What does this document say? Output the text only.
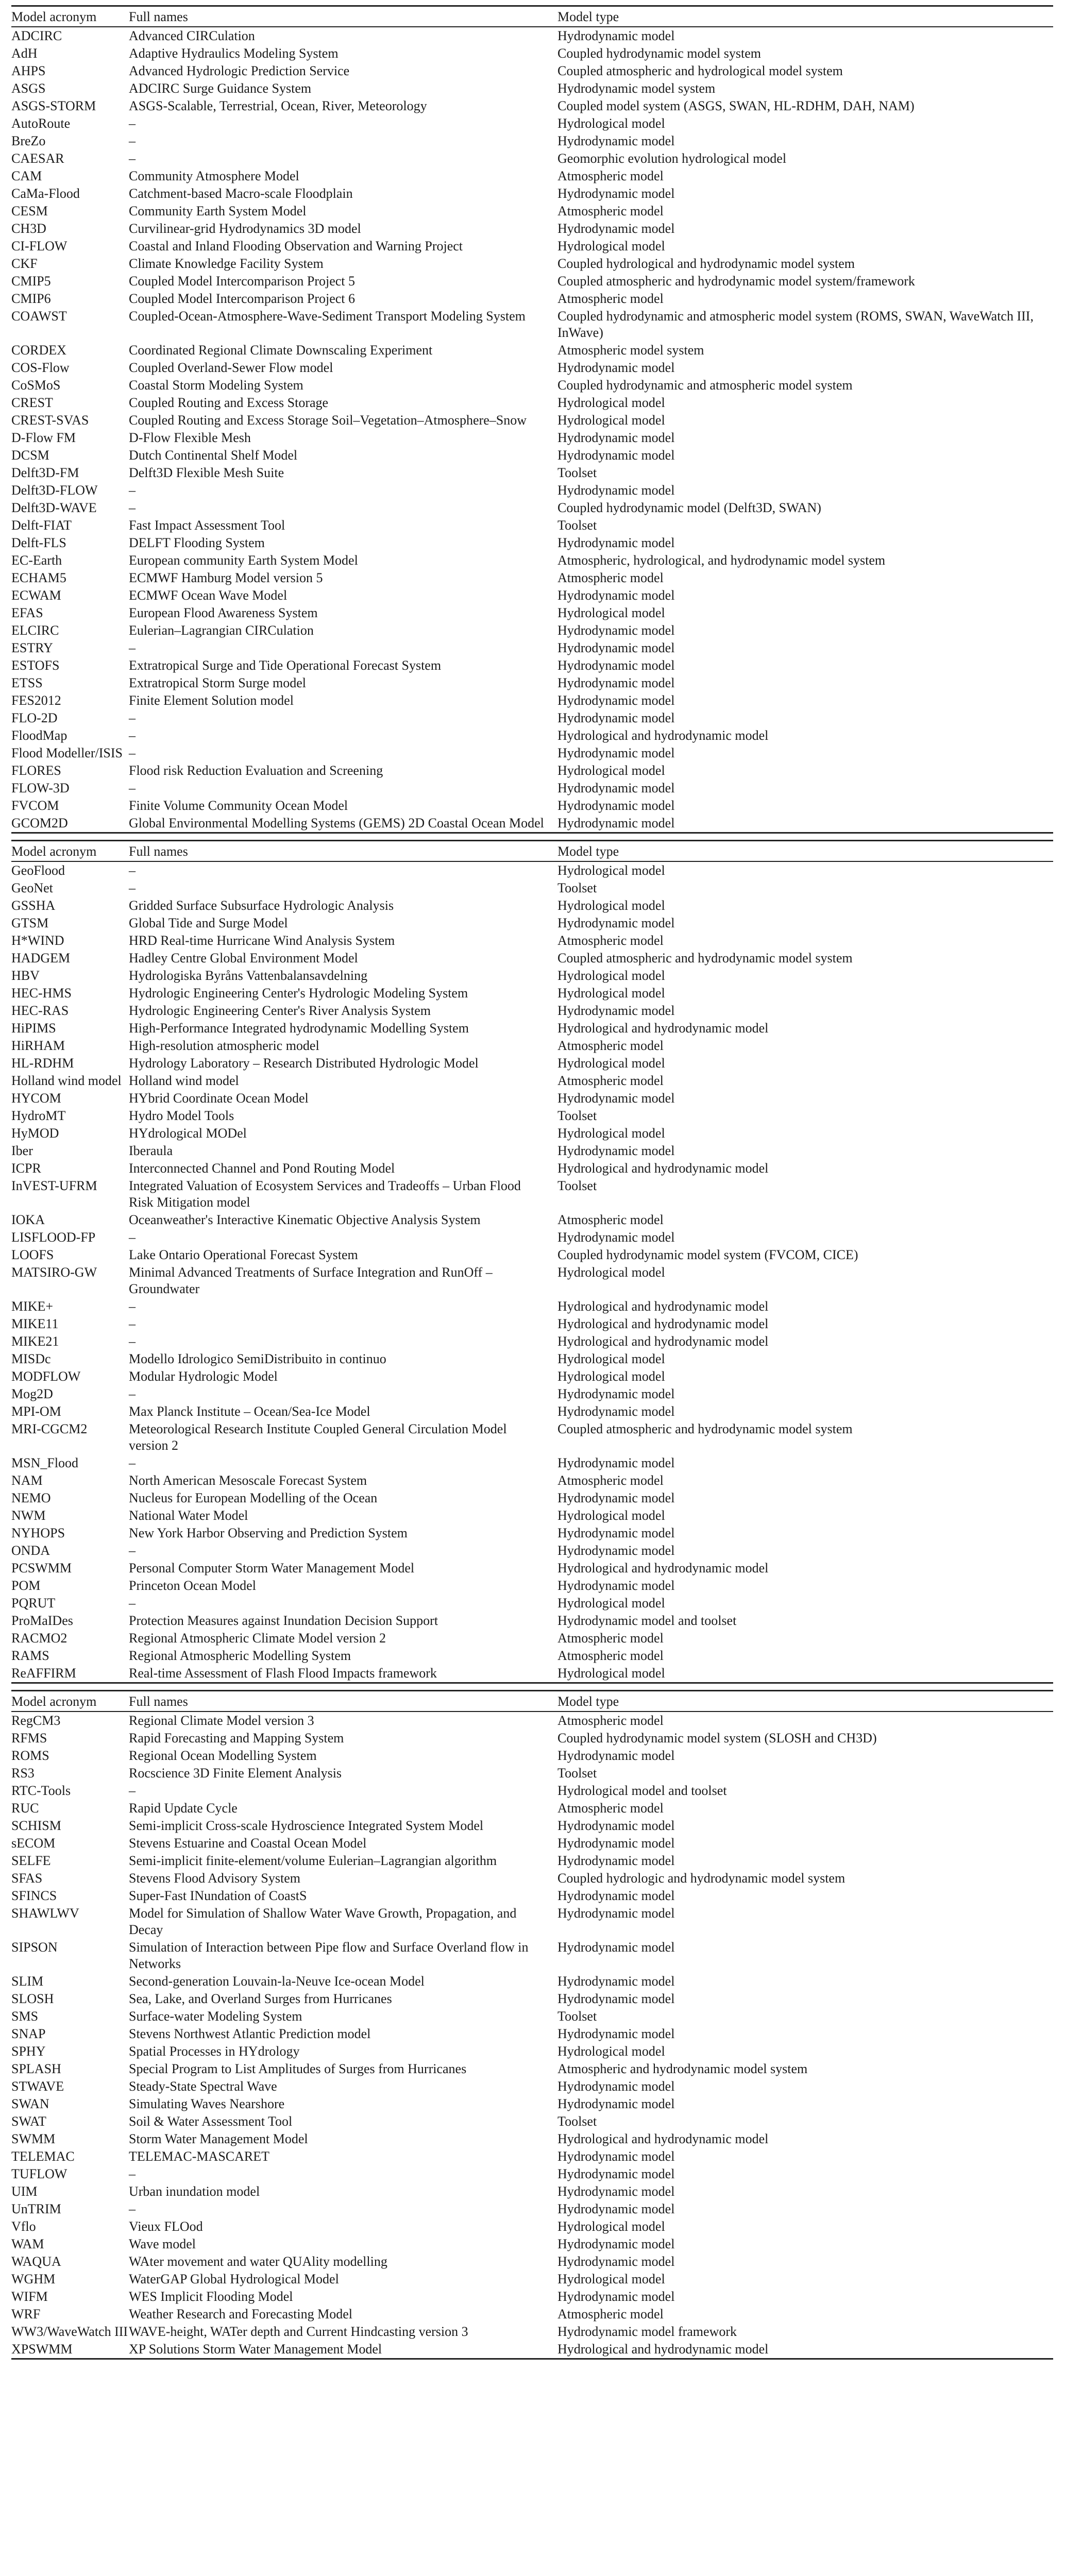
Model acronym	Full names	Model type
ADCIRC	Advanced CIRCulation	Hydrodynamic model
AdH	Adaptive Hydraulics Modeling System	Coupled hydrodynamic model system
AHPS	Advanced Hydrologic Prediction Service	Coupled atmospheric and hydrological model system
ASGS	ADCIRC Surge Guidance System	Hydrodynamic model system
ASGS-STORM	ASGS-Scalable, Terrestrial, Ocean, River, Meteorology	Coupled model system (ASGS, SWAN, HL-RDHM, DAH, NAM)
AutoRoute	–	Hydrological model
BreZo	–	Hydrodynamic model
CAESAR	–	Geomorphic evolution hydrological model
CAM	Community Atmosphere Model	Atmospheric model
CaMa-Flood	Catchment-based Macro-scale Floodplain	Hydrodynamic model
CESM	Community Earth System Model	Atmospheric model
CH3D	Curvilinear-grid Hydrodynamics 3D model	Hydrodynamic model
CI-FLOW	Coastal and Inland Flooding Observation and Warning Project	Hydrological model
CKF	Climate Knowledge Facility System	Coupled hydrological and hydrodynamic model system
CMIP5	Coupled Model Intercomparison Project 5	Coupled atmospheric and hydrodynamic model system/framework
CMIP6	Coupled Model Intercomparison Project 6	Atmospheric model
COAWST	Coupled-Ocean-Atmosphere-Wave-Sediment Transport Modeling System	Coupled hydrodynamic and atmospheric model system (ROMS, SWAN, WaveWatch III, InWave)
CORDEX	Coordinated Regional Climate Downscaling Experiment	Atmospheric model system
COS-Flow	Coupled Overland-Sewer Flow model	Hydrodynamic model
CoSMoS	Coastal Storm Modeling System	Coupled hydrodynamic and atmospheric model system
CREST	Coupled Routing and Excess Storage	Hydrological model
CREST-SVAS	Coupled Routing and Excess Storage Soil–Vegetation–Atmosphere–Snow	Hydrological model
D-Flow FM	D-Flow Flexible Mesh	Hydrodynamic model
DCSM	Dutch Continental Shelf Model	Hydrodynamic model
Delft3D-FM	Delft3D Flexible Mesh Suite	Toolset
Delft3D-FLOW	–	Hydrodynamic model
Delft3D-WAVE	–	Coupled hydrodynamic model (Delft3D, SWAN)
Delft-FIAT	Fast Impact Assessment Tool	Toolset
Delft-FLS	DELFT Flooding System	Hydrodynamic model
EC-Earth	European community Earth System Model	Atmospheric, hydrological, and hydrodynamic model system
ECHAM5	ECMWF Hamburg Model version 5	Atmospheric model
ECWAM	ECMWF Ocean Wave Model	Hydrodynamic model
EFAS	European Flood Awareness System	Hydrological model
ELCIRC	Eulerian–Lagrangian CIRCulation	Hydrodynamic model
ESTRY	–	Hydrodynamic model
ESTOFS	Extratropical Surge and Tide Operational Forecast System	Hydrodynamic model
ETSS	Extratropical Storm Surge model	Hydrodynamic model
FES2012	Finite Element Solution model	Hydrodynamic model
FLO-2D	–	Hydrodynamic model
FloodMap	–	Hydrological and hydrodynamic model
Flood Modeller/ISIS	–	Hydrodynamic model
FLORES	Flood risk Reduction Evaluation and Screening	Hydrological model
FLOW-3D	–	Hydrodynamic model
FVCOM	Finite Volume Community Ocean Model	Hydrodynamic model
GCOM2D	Global Environmental Modelling Systems (GEMS) 2D Coastal Ocean Model	Hydrodynamic model
Model acronym	Full names	Model type
GeoFlood	–	Hydrological model
GeoNet	–	Toolset
GSSHA	Gridded Surface Subsurface Hydrologic Analysis	Hydrological model
GTSM	Global Tide and Surge Model	Hydrodynamic model
H*WIND	HRD Real-time Hurricane Wind Analysis System	Atmospheric model
HADGEM	Hadley Centre Global Environment Model	Coupled atmospheric and hydrodynamic model system
HBV	Hydrologiska Byråns Vattenbalansavdelning	Hydrological model
HEC-HMS	Hydrologic Engineering Center's Hydrologic Modeling System	Hydrological model
HEC-RAS	Hydrologic Engineering Center's River Analysis System	Hydrodynamic model
HiPIMS	High-Performance Integrated hydrodynamic Modelling System	Hydrological and hydrodynamic model
HiRHAM	High-resolution atmospheric model	Atmospheric model
HL-RDHM	Hydrology Laboratory – Research Distributed Hydrologic Model	Hydrological model
Holland wind model	Holland wind model	Atmospheric model
HYCOM	HYbrid Coordinate Ocean Model	Hydrodynamic model
HydroMT	Hydro Model Tools	Toolset
HyMOD	HYdrological MODel	Hydrological model
Iber	Iberaula	Hydrodynamic model
ICPR	Interconnected Channel and Pond Routing Model	Hydrological and hydrodynamic model
InVEST-UFRM	Integrated Valuation of Ecosystem Services and Tradeoffs – Urban Flood Risk Mitigation model	Toolset
IOKA	Oceanweather's Interactive Kinematic Objective Analysis System	Atmospheric model
LISFLOOD-FP	–	Hydrodynamic model
LOOFS	Lake Ontario Operational Forecast System	Coupled hydrodynamic model system (FVCOM, CICE)
MATSIRO-GW	Minimal Advanced Treatments of Surface Integration and RunOff – Groundwater	Hydrological model
MIKE+	–	Hydrological and hydrodynamic model
MIKE11	–	Hydrological and hydrodynamic model
MIKE21	–	Hydrological and hydrodynamic model
MISDc	Modello Idrologico SemiDistribuito in continuo	Hydrological model
MODFLOW	Modular Hydrologic Model	Hydrological model
Mog2D	–	Hydrodynamic model
MPI-OM	Max Planck Institute – Ocean/Sea-Ice Model	Hydrodynamic model
MRI-CGCM2	Meteorological Research Institute Coupled General Circulation Model version 2	Coupled atmospheric and hydrodynamic model system
MSN_Flood	–	Hydrodynamic model
NAM	North American Mesoscale Forecast System	Atmospheric model
NEMO	Nucleus for European Modelling of the Ocean	Hydrodynamic model
NWM	National Water Model	Hydrological model
NYHOPS	New York Harbor Observing and Prediction System	Hydrodynamic model
ONDA	–	Hydrodynamic model
PCSWMM	Personal Computer Storm Water Management Model	Hydrological and hydrodynamic model
POM	Princeton Ocean Model	Hydrodynamic model
PQRUT	–	Hydrological model
ProMaIDes	Protection Measures against Inundation Decision Support	Hydrodynamic model and toolset
RACMO2	Regional Atmospheric Climate Model version 2	Atmospheric model
RAMS	Regional Atmospheric Modelling System	Atmospheric model
ReAFFIRM	Real-time Assessment of Flash Flood Impacts framework	Hydrological model
Model acronym	Full names	Model type
RegCM3	Regional Climate Model version 3	Atmospheric model
RFMS	Rapid Forecasting and Mapping System	Coupled hydrodynamic model system (SLOSH and CH3D)
ROMS	Regional Ocean Modelling System	Hydrodynamic model
RS3	Rocscience 3D Finite Element Analysis	Toolset
RTC-Tools	–	Hydrological model and toolset
RUC	Rapid Update Cycle	Atmospheric model
SCHISM	Semi-implicit Cross-scale Hydroscience Integrated System Model	Hydrodynamic model
sECOM	Stevens Estuarine and Coastal Ocean Model	Hydrodynamic model
SELFE	Semi-implicit finite-element/volume Eulerian–Lagrangian algorithm	Hydrodynamic model
SFAS	Stevens Flood Advisory System	Coupled hydrologic and hydrodynamic model system
SFINCS	Super-Fast INundation of CoastS	Hydrodynamic model
SHAWLWV	Model for Simulation of Shallow Water Wave Growth, Propagation, and Decay	Hydrodynamic model
SIPSON	Simulation of Interaction between Pipe flow and Surface Overland flow in Networks	Hydrodynamic model
SLIM	Second-generation Louvain-la-Neuve Ice-ocean Model	Hydrodynamic model
SLOSH	Sea, Lake, and Overland Surges from Hurricanes	Hydrodynamic model
SMS	Surface-water Modeling System	Toolset
SNAP	Stevens Northwest Atlantic Prediction model	Hydrodynamic model
SPHY	Spatial Processes in HYdrology	Hydrological model
SPLASH	Special Program to List Amplitudes of Surges from Hurricanes	Atmospheric and hydrodynamic model system
STWAVE	Steady-State Spectral Wave	Hydrodynamic model
SWAN	Simulating Waves Nearshore	Hydrodynamic model
SWAT	Soil & Water Assessment Tool	Toolset
SWMM	Storm Water Management Model	Hydrological and hydrodynamic model
TELEMAC	TELEMAC-MASCARET	Hydrodynamic model
TUFLOW	–	Hydrodynamic model
UIM	Urban inundation model	Hydrodynamic model
UnTRIM	–	Hydrodynamic model
Vflo	Vieux FLOod	Hydrological model
WAM	Wave model	Hydrodynamic model
WAQUA	WAter movement and water QUAlity modelling	Hydrodynamic model
WGHM	WaterGAP Global Hydrological Model	Hydrological model
WIFM	WES Implicit Flooding Model	Hydrodynamic model
WRF	Weather Research and Forecasting Model	Atmospheric model
WW3/WaveWatch III	WAVE-height, WATer depth and Current Hindcasting version 3	Hydrodynamic model framework
XPSWMM	XP Solutions Storm Water Management Model	Hydrological and hydrodynamic model
